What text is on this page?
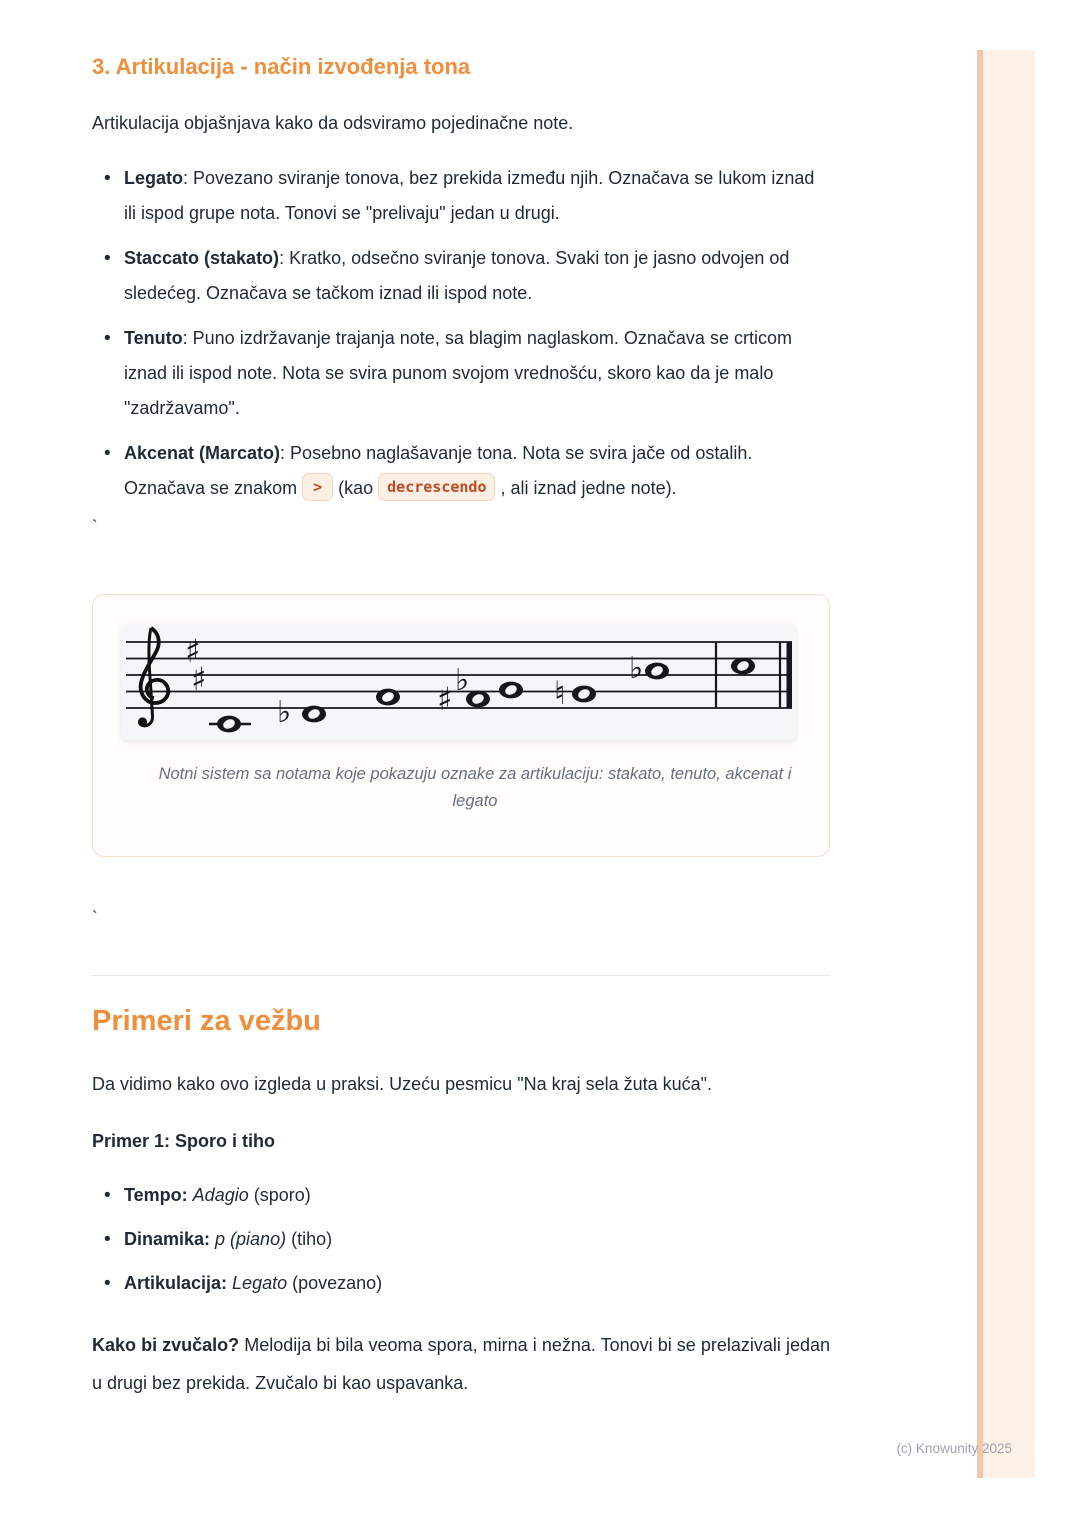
3. Artikulacija - način izvođenja tona

Artikulacija objašnjava kako da odsviramo pojedinačne note.

• Legato: Povezano sviranje tonova, bez prekida između njih. Označava se lukom iznad ili ispod grupe nota. Tonovi se "prelivaju" jedan u drugi.
• Staccato (stakato): Kratko, odsečno sviranje tonova. Svaki ton je jasno odvojen od sledećeg. Označava se tačkom iznad ili ispod note.
• Tenuto: Puno izdržavanje trajanja note, sa blagim naglaskom. Označava se crticom iznad ili ispod note. Nota se svira punom svojom vrednošću, skoro kao da je malo "zadržavamo".
• Akcenat (Marcato): Posebno naglašavanje tona. Nota se svira jače od ostalih. Označava se znakom > (kao decrescendo , ali iznad jedne note).

`

♯
♯
♭	♯ ♭	♮
♭
Notni sistem sa notama koje pokazuju oznake za artikulaciju: stakato, tenuto, akcenat i legato

`

Primeri za vežbu

Da vidimo kako ovo izgleda u praksi. Uzeću pesmicu "Na kraj sela žuta kuća".

Primer 1: Sporo i tiho

• Tempo: Adagio (sporo)
• Dinamika: p (piano) (tiho)
• Artikulacija: Legato (povezano)

Kako bi zvučalo? Melodija bi bila veoma spora, mirna i nežna. Tonovi bi se prelazivali jedan u drugi bez prekida. Zvučalo bi kao uspavanka.

(c) Knowunity 2025
